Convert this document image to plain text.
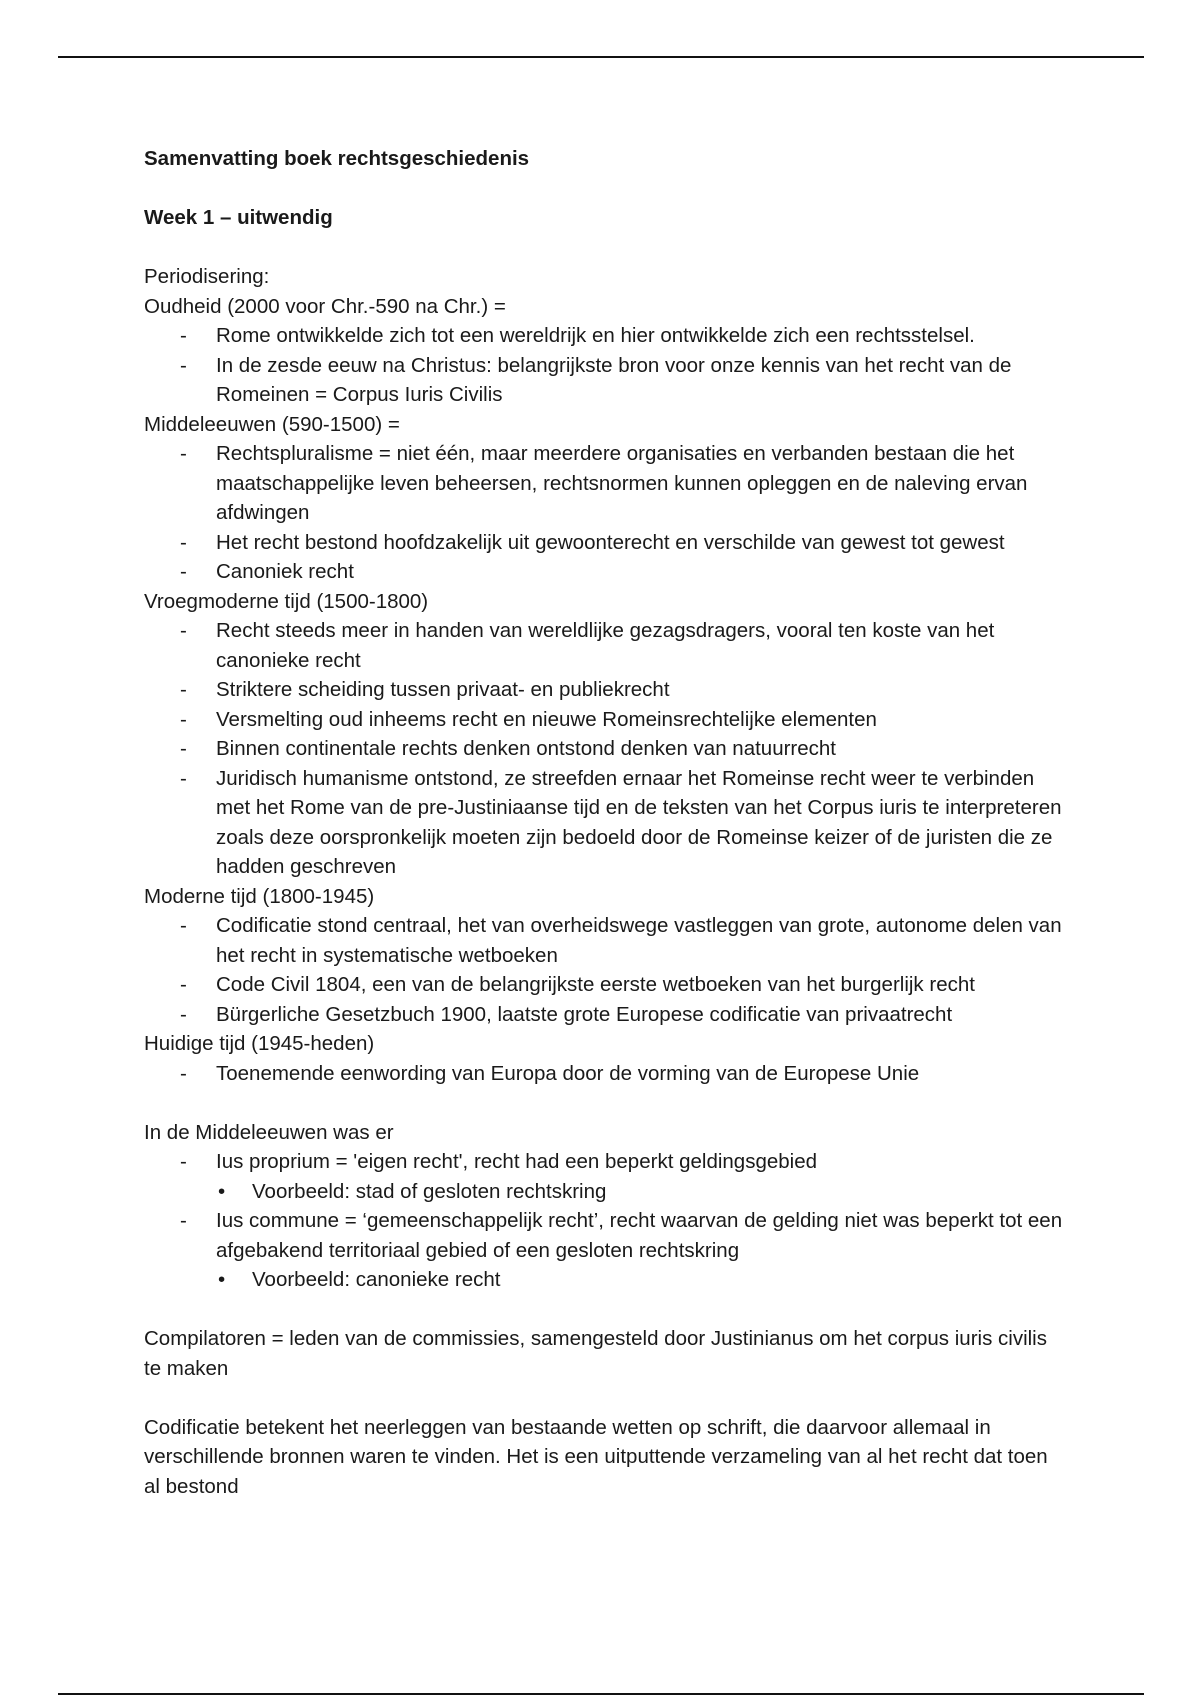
Samenvatting boek rechtsgeschiedenis

Week 1 – uitwendig

Periodisering:

Oudheid (2000 voor Chr.-590 na Chr.) =

- Rome ontwikkelde zich tot een wereldrijk en hier ontwikkelde zich een rechtsstelsel.
- In de zesde eeuw na Christus: belangrijkste bron voor onze kennis van het recht van de Romeinen = Corpus Iuris Civilis

Middeleeuwen (590-1500) =

- Rechtspluralisme = niet één, maar meerdere organisaties en verbanden bestaan die het maatschappelijke leven beheersen, rechtsnormen kunnen opleggen en de naleving ervan afdwingen
- Het recht bestond hoofdzakelijk uit gewoonterecht en verschilde van gewest tot gewest
- Canoniek recht

Vroegmoderne tijd (1500-1800)

- Recht steeds meer in handen van wereldlijke gezagsdragers, vooral ten koste van het canonieke recht
- Striktere scheiding tussen privaat- en publiekrecht
- Versmelting oud inheems recht en nieuwe Romeinsrechtelijke elementen
- Binnen continentale rechts denken ontstond denken van natuurrecht
- Juridisch humanisme ontstond, ze streefden ernaar het Romeinse recht weer te verbinden met het Rome van de pre-Justiniaanse tijd en de teksten van het Corpus iuris te interpreteren zoals deze oorspronkelijk moeten zijn bedoeld door de Romeinse keizer of de juristen die ze hadden geschreven

Moderne tijd (1800-1945)

- Codificatie stond centraal, het van overheidswege vastleggen van grote, autonome delen van het recht in systematische wetboeken
- Code Civil 1804, een van de belangrijkste eerste wetboeken van het burgerlijk recht
- Bürgerliche Gesetzbuch 1900, laatste grote Europese codificatie van privaatrecht

Huidige tijd (1945-heden)

- Toenemende eenwording van Europa door de vorming van de Europese Unie

In de Middeleeuwen was er

- Ius proprium = 'eigen recht', recht had een beperkt geldingsgebied
• Voorbeeld: stad of gesloten rechtskring
- Ius commune = ‘gemeenschappelijk recht’, recht waarvan de gelding niet was beperkt tot een afgebakend territoriaal gebied of een gesloten rechtskring
• Voorbeeld: canonieke recht

Compilatoren = leden van de commissies, samengesteld door Justinianus om het corpus iuris civilis te maken

Codificatie betekent het neerleggen van bestaande wetten op schrift, die daarvoor allemaal in verschillende bronnen waren te vinden. Het is een uitputtende verzameling van al het recht dat toen al bestond
